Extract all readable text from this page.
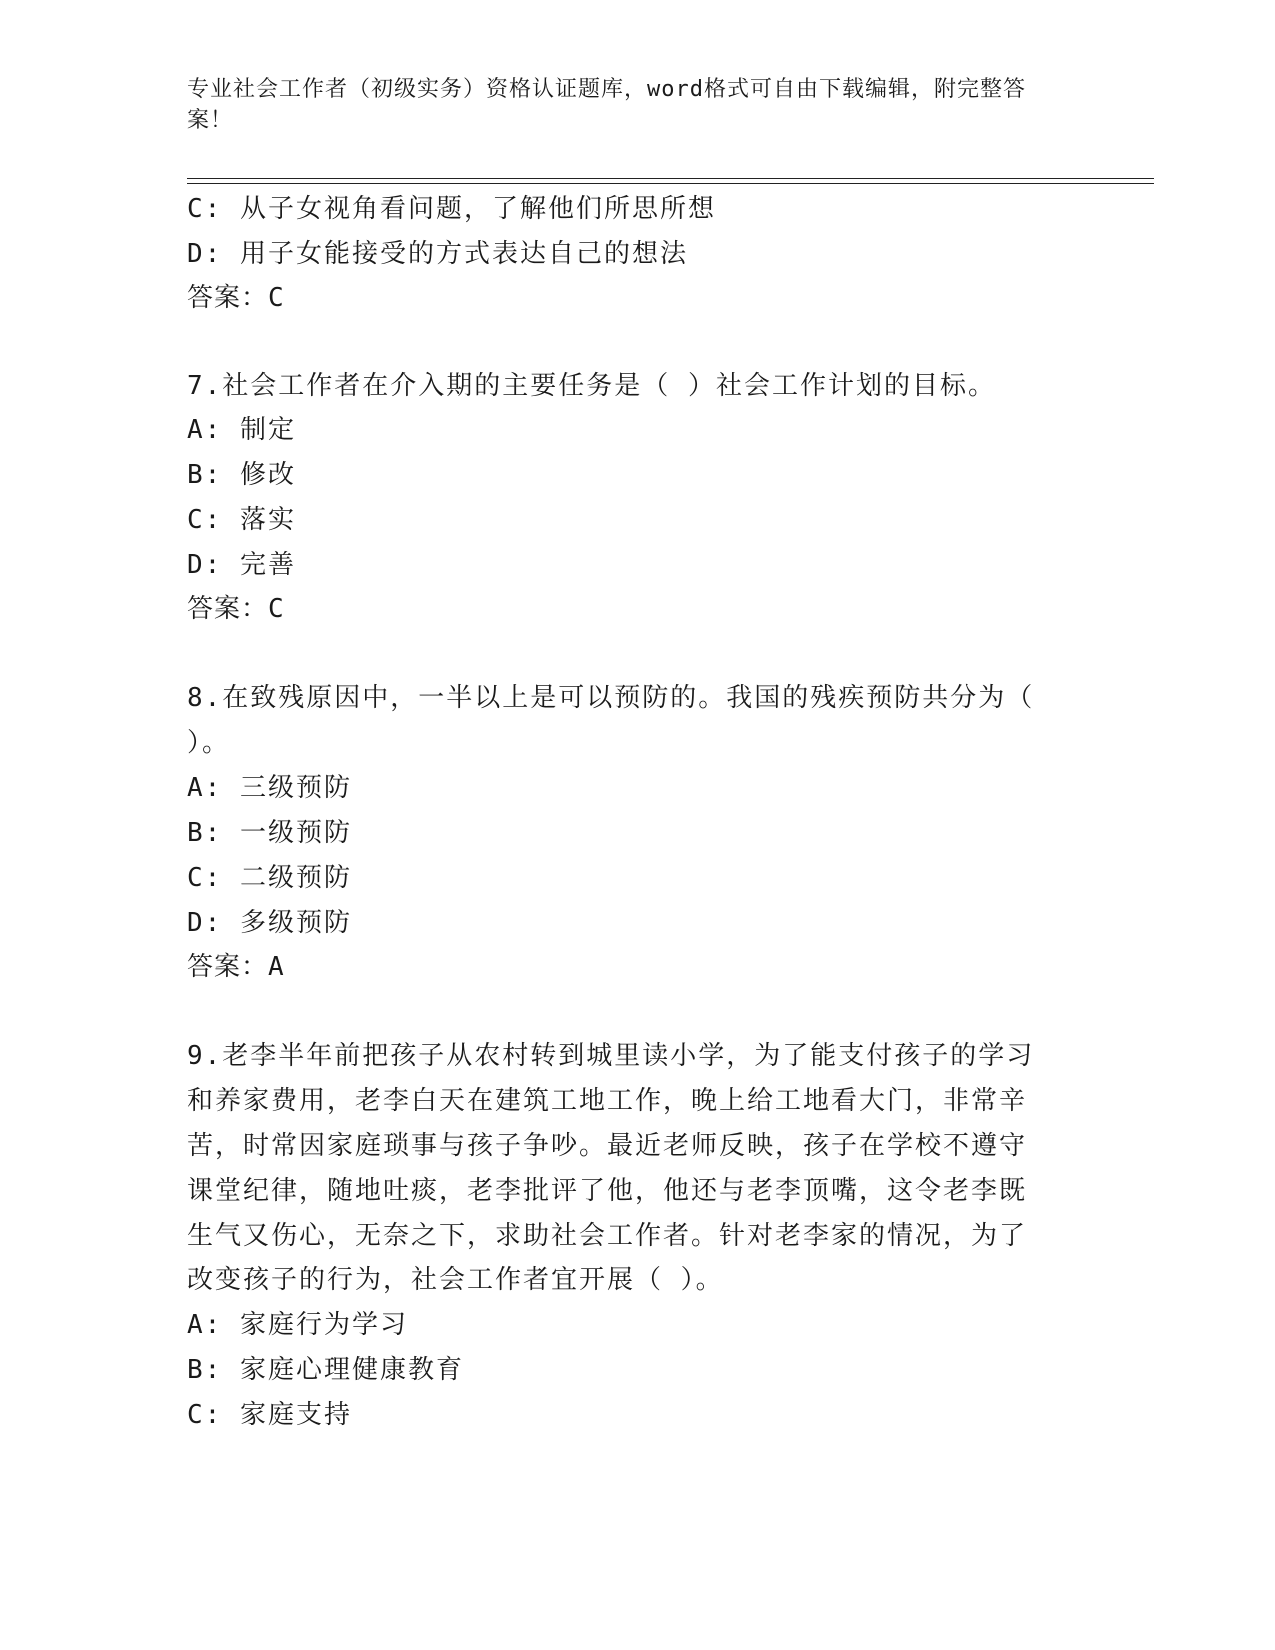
专业社会工作者（初级实务）资格认证题库，word格式可自由下载编辑，附完整答案！
C: 从子女视角看问题，了解他们所思所想
D: 用子女能接受的方式表达自己的想法
答案：C
7.社会工作者在介入期的主要任务是（ ）社会工作计划的目标。
A: 制定
B: 修改
C: 落实
D: 完善
答案：C
8.在致残原因中，一半以上是可以预防的。我国的残疾预防共分为（
）。
A: 三级预防
B: 一级预防
C: 二级预防
D: 多级预防
答案：A
9.老李半年前把孩子从农村转到城里读小学，为了能支付孩子的学习
和养家费用，老李白天在建筑工地工作，晚上给工地看大门，非常辛
苦，时常因家庭琐事与孩子争吵。最近老师反映，孩子在学校不遵守
课堂纪律，随地吐痰，老李批评了他，他还与老李顶嘴，这令老李既
生气又伤心，无奈之下，求助社会工作者。针对老李家的情况，为了
改变孩子的行为，社会工作者宜开展（ ）。
A: 家庭行为学习
B: 家庭心理健康教育
C: 家庭支持
